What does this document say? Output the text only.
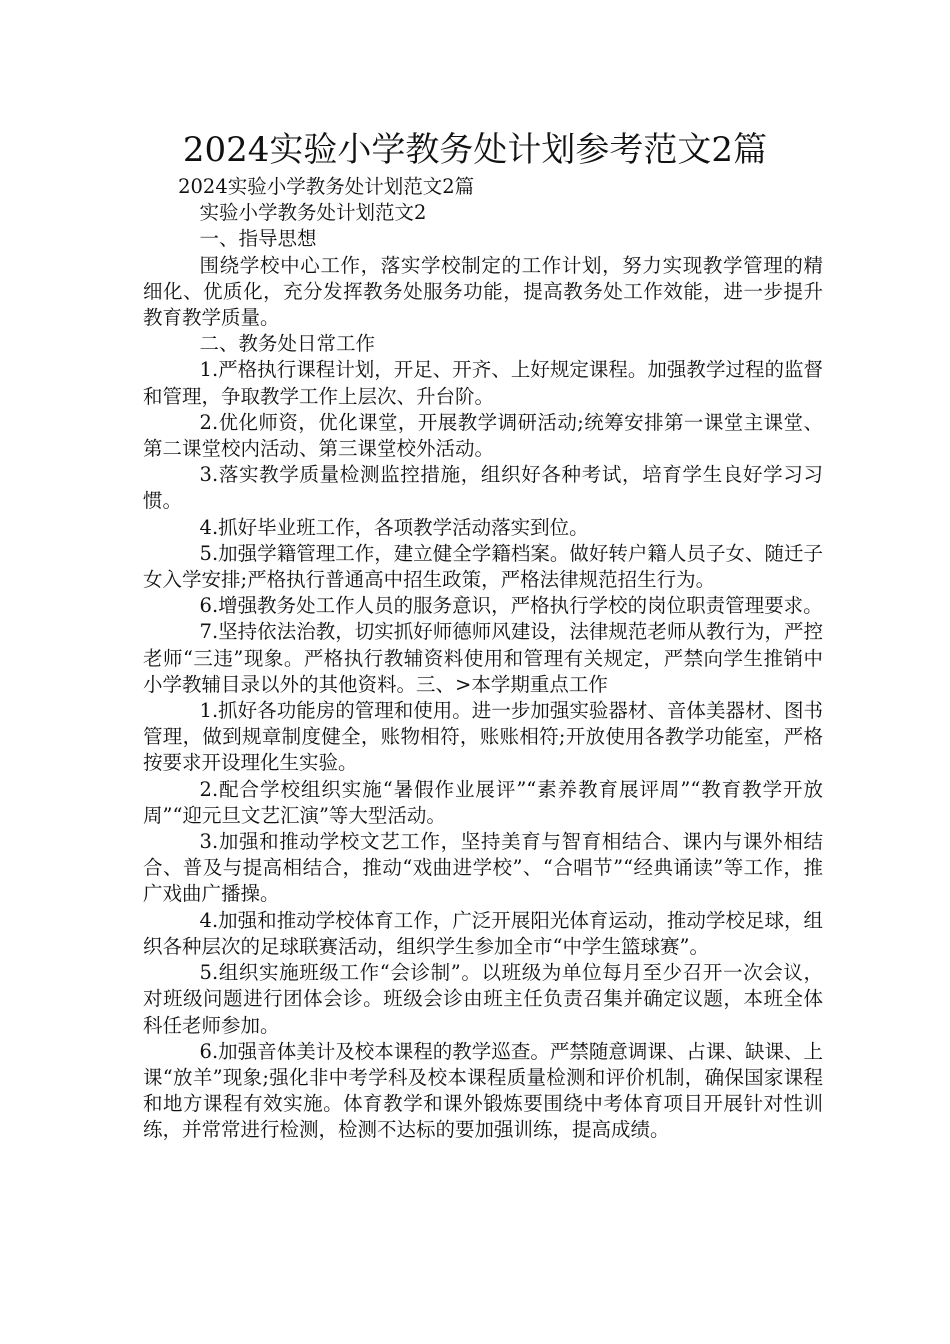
2024实验小学教务处计划参考范文2篇

2024实验小学教务处计划范文2篇

实验小学教务处计划范文2

一、指导思想

围绕学校中心工作，落实学校制定的工作计划，努力实现教学管理的精细化、优质化，充分发挥教务处服务功能，提高教务处工作效能，进一步提升教育教学质量。

二、教务处日常工作

1.严格执行课程计划，开足、开齐、上好规定课程。加强教学过程的监督和管理，争取教学工作上层次、升台阶。

2.优化师资，优化课堂，开展教学调研活动;统筹安排第一课堂主课堂、第二课堂校内活动、第三课堂校外活动。

3.落实教学质量检测监控措施，组织好各种考试，培育学生良好学习习惯。

4.抓好毕业班工作，各项教学活动落实到位。

5.加强学籍管理工作，建立健全学籍档案。做好转户籍人员子女、随迁子女入学安排;严格执行普通高中招生政策，严格法律规范招生行为。

6.增强教务处工作人员的服务意识，严格执行学校的岗位职责管理要求。

7.坚持依法治教，切实抓好师德师风建设，法律规范老师从教行为，严控老师“三违”现象。严格执行教辅资料使用和管理有关规定，严禁向学生推销中小学教辅目录以外的其他资料。三、>本学期重点工作

1.抓好各功能房的管理和使用。进一步加强实验器材、音体美器材、图书管理，做到规章制度健全，账物相符，账账相符;开放使用各教学功能室，严格按要求开设理化生实验。

2.配合学校组织实施“暑假作业展评”“素养教育展评周”“教育教学开放周”“迎元旦文艺汇演”等大型活动。

3.加强和推动学校文艺工作，坚持美育与智育相结合、课内与课外相结合、普及与提高相结合，推动“戏曲进学校”、“合唱节”“经典诵读”等工作，推广戏曲广播操。

4.加强和推动学校体育工作，广泛开展阳光体育运动，推动学校足球，组织各种层次的足球联赛活动，组织学生参加全市“中学生篮球赛”。

5.组织实施班级工作“会诊制”。以班级为单位每月至少召开一次会议，对班级问题进行团体会诊。班级会诊由班主任负责召集并确定议题，本班全体科任老师参加。

6.加强音体美计及校本课程的教学巡查。严禁随意调课、占课、缺课、上课“放羊”现象;强化非中考学科及校本课程质量检测和评价机制，确保国家课程和地方课程有效实施。体育教学和课外锻炼要围绕中考体育项目开展针对性训练，并常常进行检测，检测不达标的要加强训练，提高成绩。
